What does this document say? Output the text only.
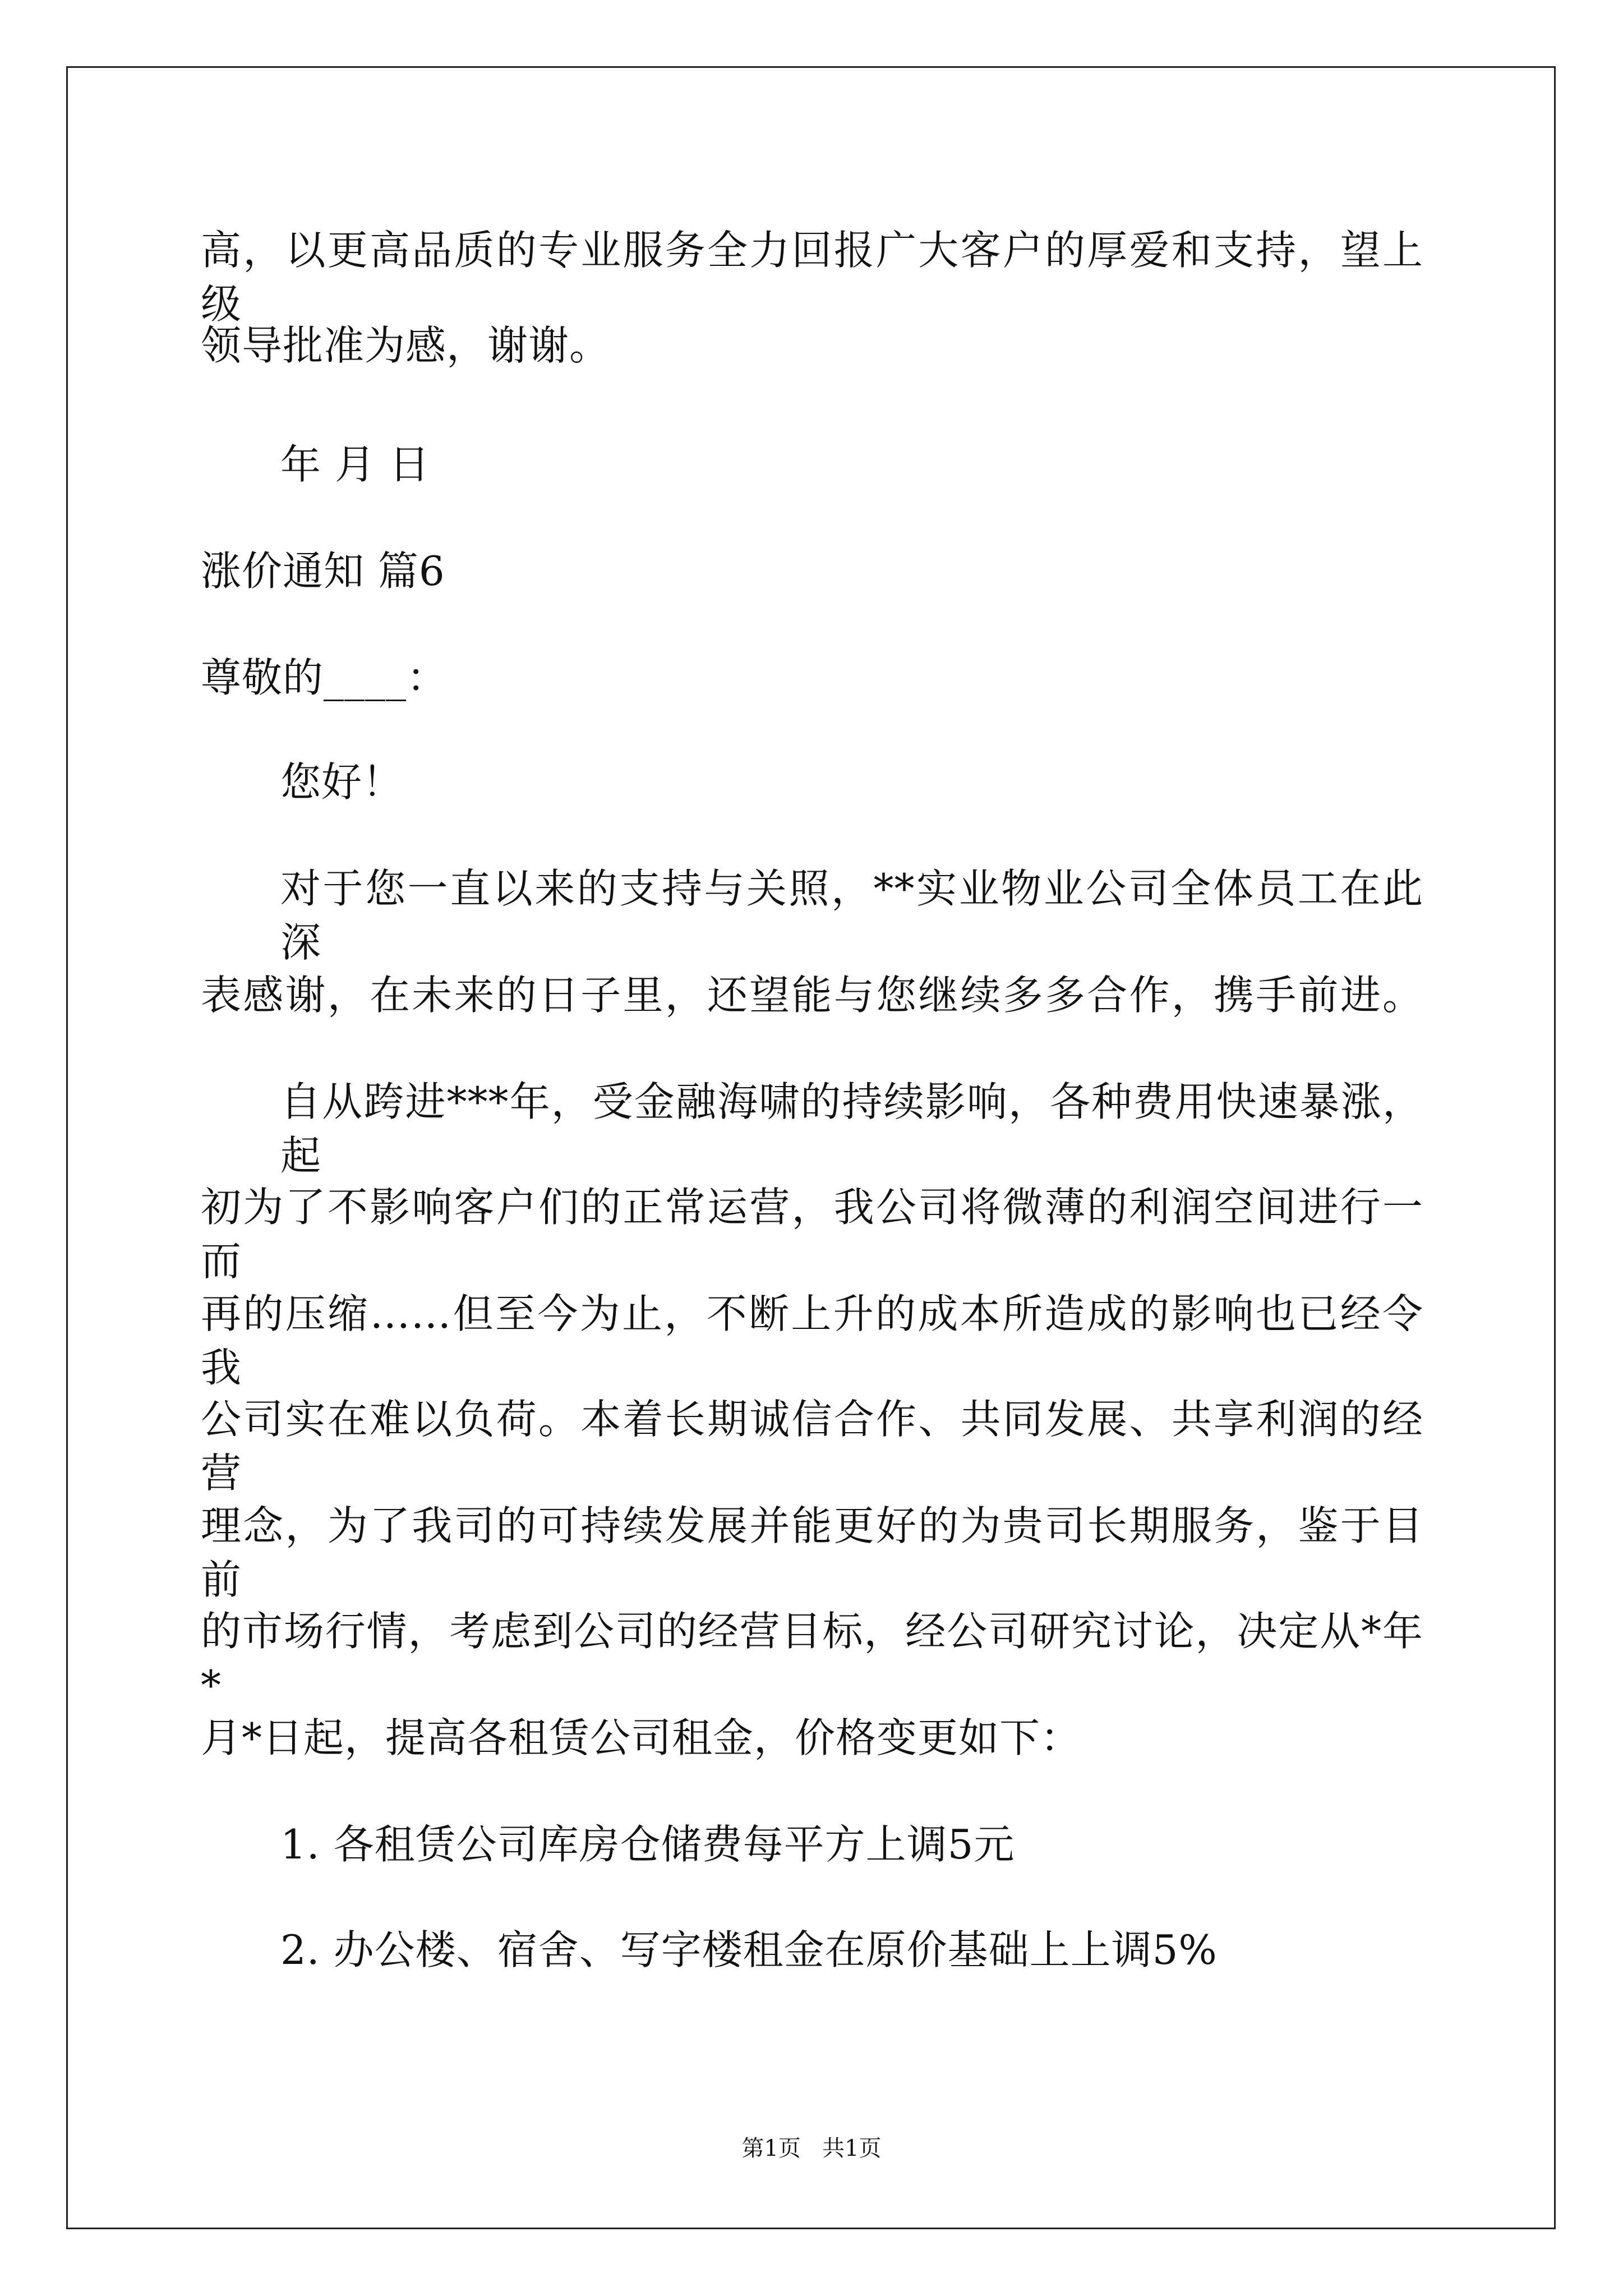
高，以更高品质的专业服务全力回报广大客户的厚爱和支持，望上级
领导批准为感，谢谢。
年 月 日
涨价通知 篇6
尊敬的____：
您好！
对于您一直以来的支持与关照，**实业物业公司全体员工在此深
表感谢，在未来的日子里，还望能与您继续多多合作，携手前进。
自从跨进***年，受金融海啸的持续影响，各种费用快速暴涨，起
初为了不影响客户们的正常运营，我公司将微薄的利润空间进行一而
再的压缩……但至今为止，不断上升的成本所造成的影响也已经令我
公司实在难以负荷。本着长期诚信合作、共同发展、共享利润的经营
理念，为了我司的可持续发展并能更好的为贵司长期服务，鉴于目前
的市场行情，考虑到公司的经营目标，经公司研究讨论，决定从*年*
月*日起，提高各租赁公司租金，价格变更如下：
1. 各租赁公司库房仓储费每平方上调5元
2. 办公楼、宿舍、写字楼租金在原价基础上上调5%
第1页   共1页
